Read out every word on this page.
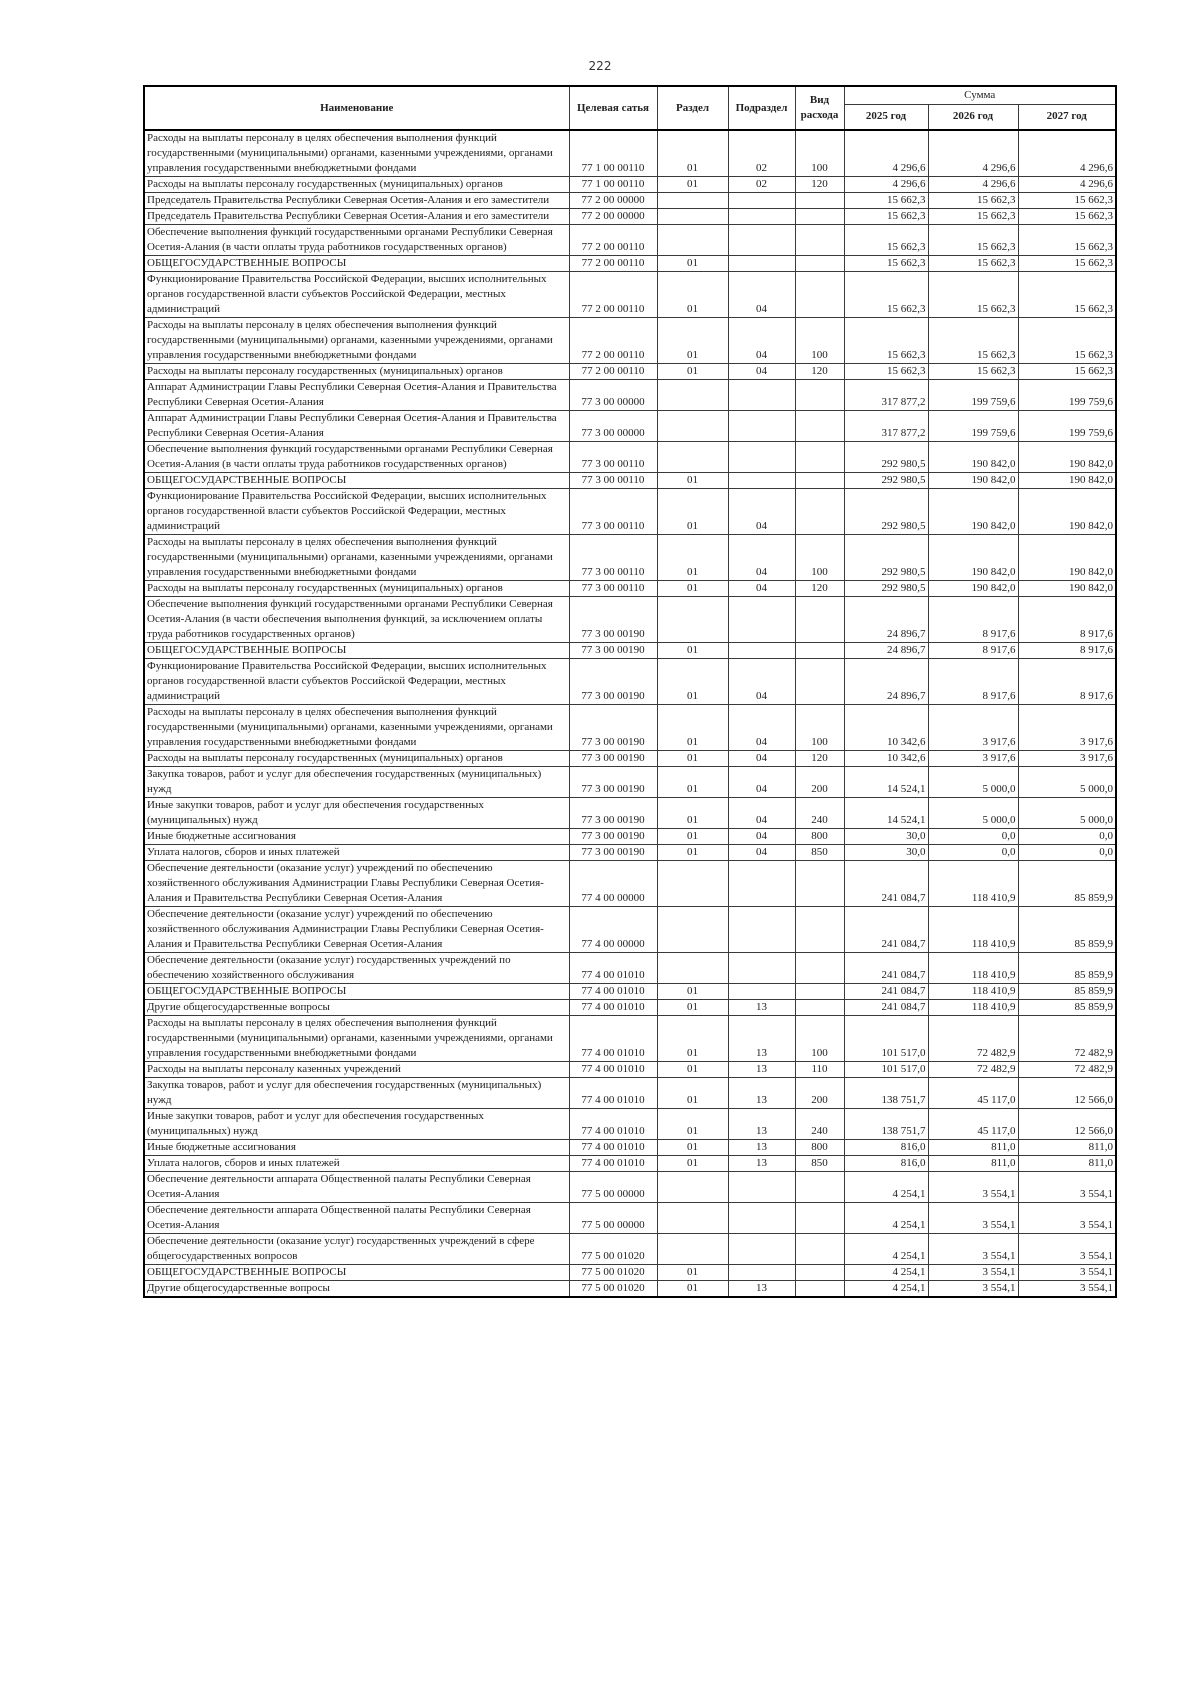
222
Наименование	Целевая сатья	Раздел	Подраздел	Вид расхода	Сумма		
					2025 год	2026 год	2027 год
Расходы на выплаты персоналу в целях обеспечения выполнения функций государственными (муниципальными) органами, казенными учреждениями, органами управления государственными внебюджетными фондами	77 1 00 00110	01	02	100	4 296,6	4 296,6	4 296,6
Расходы на выплаты персоналу государственных (муниципальных) органов	77 1 00 00110	01	02	120	4 296,6	4 296,6	4 296,6
Председатель Правительства Республики Северная Осетия-Алания и его заместители	77 2 00 00000				15 662,3	15 662,3	15 662,3
Председатель Правительства Республики Северная Осетия-Алания и его заместители	77 2 00 00000				15 662,3	15 662,3	15 662,3
Обеспечение выполнения функций государственными органами Республики Северная Осетия-Алания (в части оплаты труда работников государственных органов)	77 2 00 00110				15 662,3	15 662,3	15 662,3
ОБЩЕГОСУДАРСТВЕННЫЕ ВОПРОСЫ	77 2 00 00110	01			15 662,3	15 662,3	15 662,3
Функционирование Правительства Российской Федерации, высших исполнительных органов государственной власти субъектов Российской Федерации, местных администраций	77 2 00 00110	01	04		15 662,3	15 662,3	15 662,3
Расходы на выплаты персоналу в целях обеспечения выполнения функций государственными (муниципальными) органами, казенными учреждениями, органами управления государственными внебюджетными фондами	77 2 00 00110	01	04	100	15 662,3	15 662,3	15 662,3
Расходы на выплаты персоналу государственных (муниципальных) органов	77 2 00 00110	01	04	120	15 662,3	15 662,3	15 662,3
Аппарат Администрации Главы Республики Северная Осетия-Алания и Правительства Республики Северная Осетия-Алания	77 3 00 00000				317 877,2	199 759,6	199 759,6
Аппарат Администрации Главы Республики Северная Осетия-Алания и Правительства Республики Северная Осетия-Алания	77 3 00 00000				317 877,2	199 759,6	199 759,6
Обеспечение выполнения функций государственными органами Республики Северная Осетия-Алания (в части оплаты труда работников государственных органов)	77 3 00 00110				292 980,5	190 842,0	190 842,0
ОБЩЕГОСУДАРСТВЕННЫЕ ВОПРОСЫ	77 3 00 00110	01			292 980,5	190 842,0	190 842,0
Функционирование Правительства Российской Федерации, высших исполнительных органов государственной власти субъектов Российской Федерации, местных администраций	77 3 00 00110	01	04		292 980,5	190 842,0	190 842,0
Расходы на выплаты персоналу в целях обеспечения выполнения функций государственными (муниципальными) органами, казенными учреждениями, органами управления государственными внебюджетными фондами	77 3 00 00110	01	04	100	292 980,5	190 842,0	190 842,0
Расходы на выплаты персоналу государственных (муниципальных) органов	77 3 00 00110	01	04	120	292 980,5	190 842,0	190 842,0
Обеспечение выполнения функций государственными органами Республики Северная Осетия-Алания (в части обеспечения выполнения функций, за исключением оплаты труда работников государственных органов)	77 3 00 00190				24 896,7	8 917,6	8 917,6
ОБЩЕГОСУДАРСТВЕННЫЕ ВОПРОСЫ	77 3 00 00190	01			24 896,7	8 917,6	8 917,6
Функционирование Правительства Российской Федерации, высших исполнительных органов государственной власти субъектов Российской Федерации, местных администраций	77 3 00 00190	01	04		24 896,7	8 917,6	8 917,6
Расходы на выплаты персоналу в целях обеспечения выполнения функций государственными (муниципальными) органами, казенными учреждениями, органами управления государственными внебюджетными фондами	77 3 00 00190	01	04	100	10 342,6	3 917,6	3 917,6
Расходы на выплаты персоналу государственных (муниципальных) органов	77 3 00 00190	01	04	120	10 342,6	3 917,6	3 917,6
Закупка товаров, работ и услуг для обеспечения государственных (муниципальных) нужд	77 3 00 00190	01	04	200	14 524,1	5 000,0	5 000,0
Иные закупки товаров, работ и услуг для обеспечения государственных (муниципальных) нужд	77 3 00 00190	01	04	240	14 524,1	5 000,0	5 000,0
Иные бюджетные ассигнования	77 3 00 00190	01	04	800	30,0	0,0	0,0
Уплата налогов, сборов и иных платежей	77 3 00 00190	01	04	850	30,0	0,0	0,0
Обеспечение деятельности (оказание услуг) учреждений по обеспечению хозяйственного обслуживания Администрации Главы Республики Северная Осетия-Алания и Правительства Республики Северная Осетия-Алания	77 4 00 00000				241 084,7	118 410,9	85 859,9
Обеспечение деятельности (оказание услуг) учреждений по обеспечению хозяйственного обслуживания Администрации Главы Республики Северная Осетия-Алания и Правительства Республики Северная Осетия-Алания	77 4 00 00000				241 084,7	118 410,9	85 859,9
Обеспечение деятельности (оказание услуг) государственных учреждений по обеспечению хозяйственного обслуживания	77 4 00 01010				241 084,7	118 410,9	85 859,9
ОБЩЕГОСУДАРСТВЕННЫЕ ВОПРОСЫ	77 4 00 01010	01			241 084,7	118 410,9	85 859,9
Другие общегосударственные вопросы	77 4 00 01010	01	13		241 084,7	118 410,9	85 859,9
Расходы на выплаты персоналу в целях обеспечения выполнения функций государственными (муниципальными) органами, казенными учреждениями, органами управления государственными внебюджетными фондами	77 4 00 01010	01	13	100	101 517,0	72 482,9	72 482,9
Расходы на выплаты персоналу казенных учреждений	77 4 00 01010	01	13	110	101 517,0	72 482,9	72 482,9
Закупка товаров, работ и услуг для обеспечения государственных (муниципальных) нужд	77 4 00 01010	01	13	200	138 751,7	45 117,0	12 566,0
Иные закупки товаров, работ и услуг для обеспечения государственных (муниципальных) нужд	77 4 00 01010	01	13	240	138 751,7	45 117,0	12 566,0
Иные бюджетные ассигнования	77 4 00 01010	01	13	800	816,0	811,0	811,0
Уплата налогов, сборов и иных платежей	77 4 00 01010	01	13	850	816,0	811,0	811,0
Обеспечение деятельности аппарата Общественной палаты Республики Северная Осетия-Алания	77 5 00 00000				4 254,1	3 554,1	3 554,1
Обеспечение деятельности аппарата Общественной палаты Республики Северная Осетия-Алания	77 5 00 00000				4 254,1	3 554,1	3 554,1
Обеспечение деятельности (оказание услуг) государственных учреждений в сфере общегосударственных вопросов	77 5 00 01020				4 254,1	3 554,1	3 554,1
ОБЩЕГОСУДАРСТВЕННЫЕ ВОПРОСЫ	77 5 00 01020	01			4 254,1	3 554,1	3 554,1
Другие общегосударственные вопросы	77 5 00 01020	01	13		4 254,1	3 554,1	3 554,1
